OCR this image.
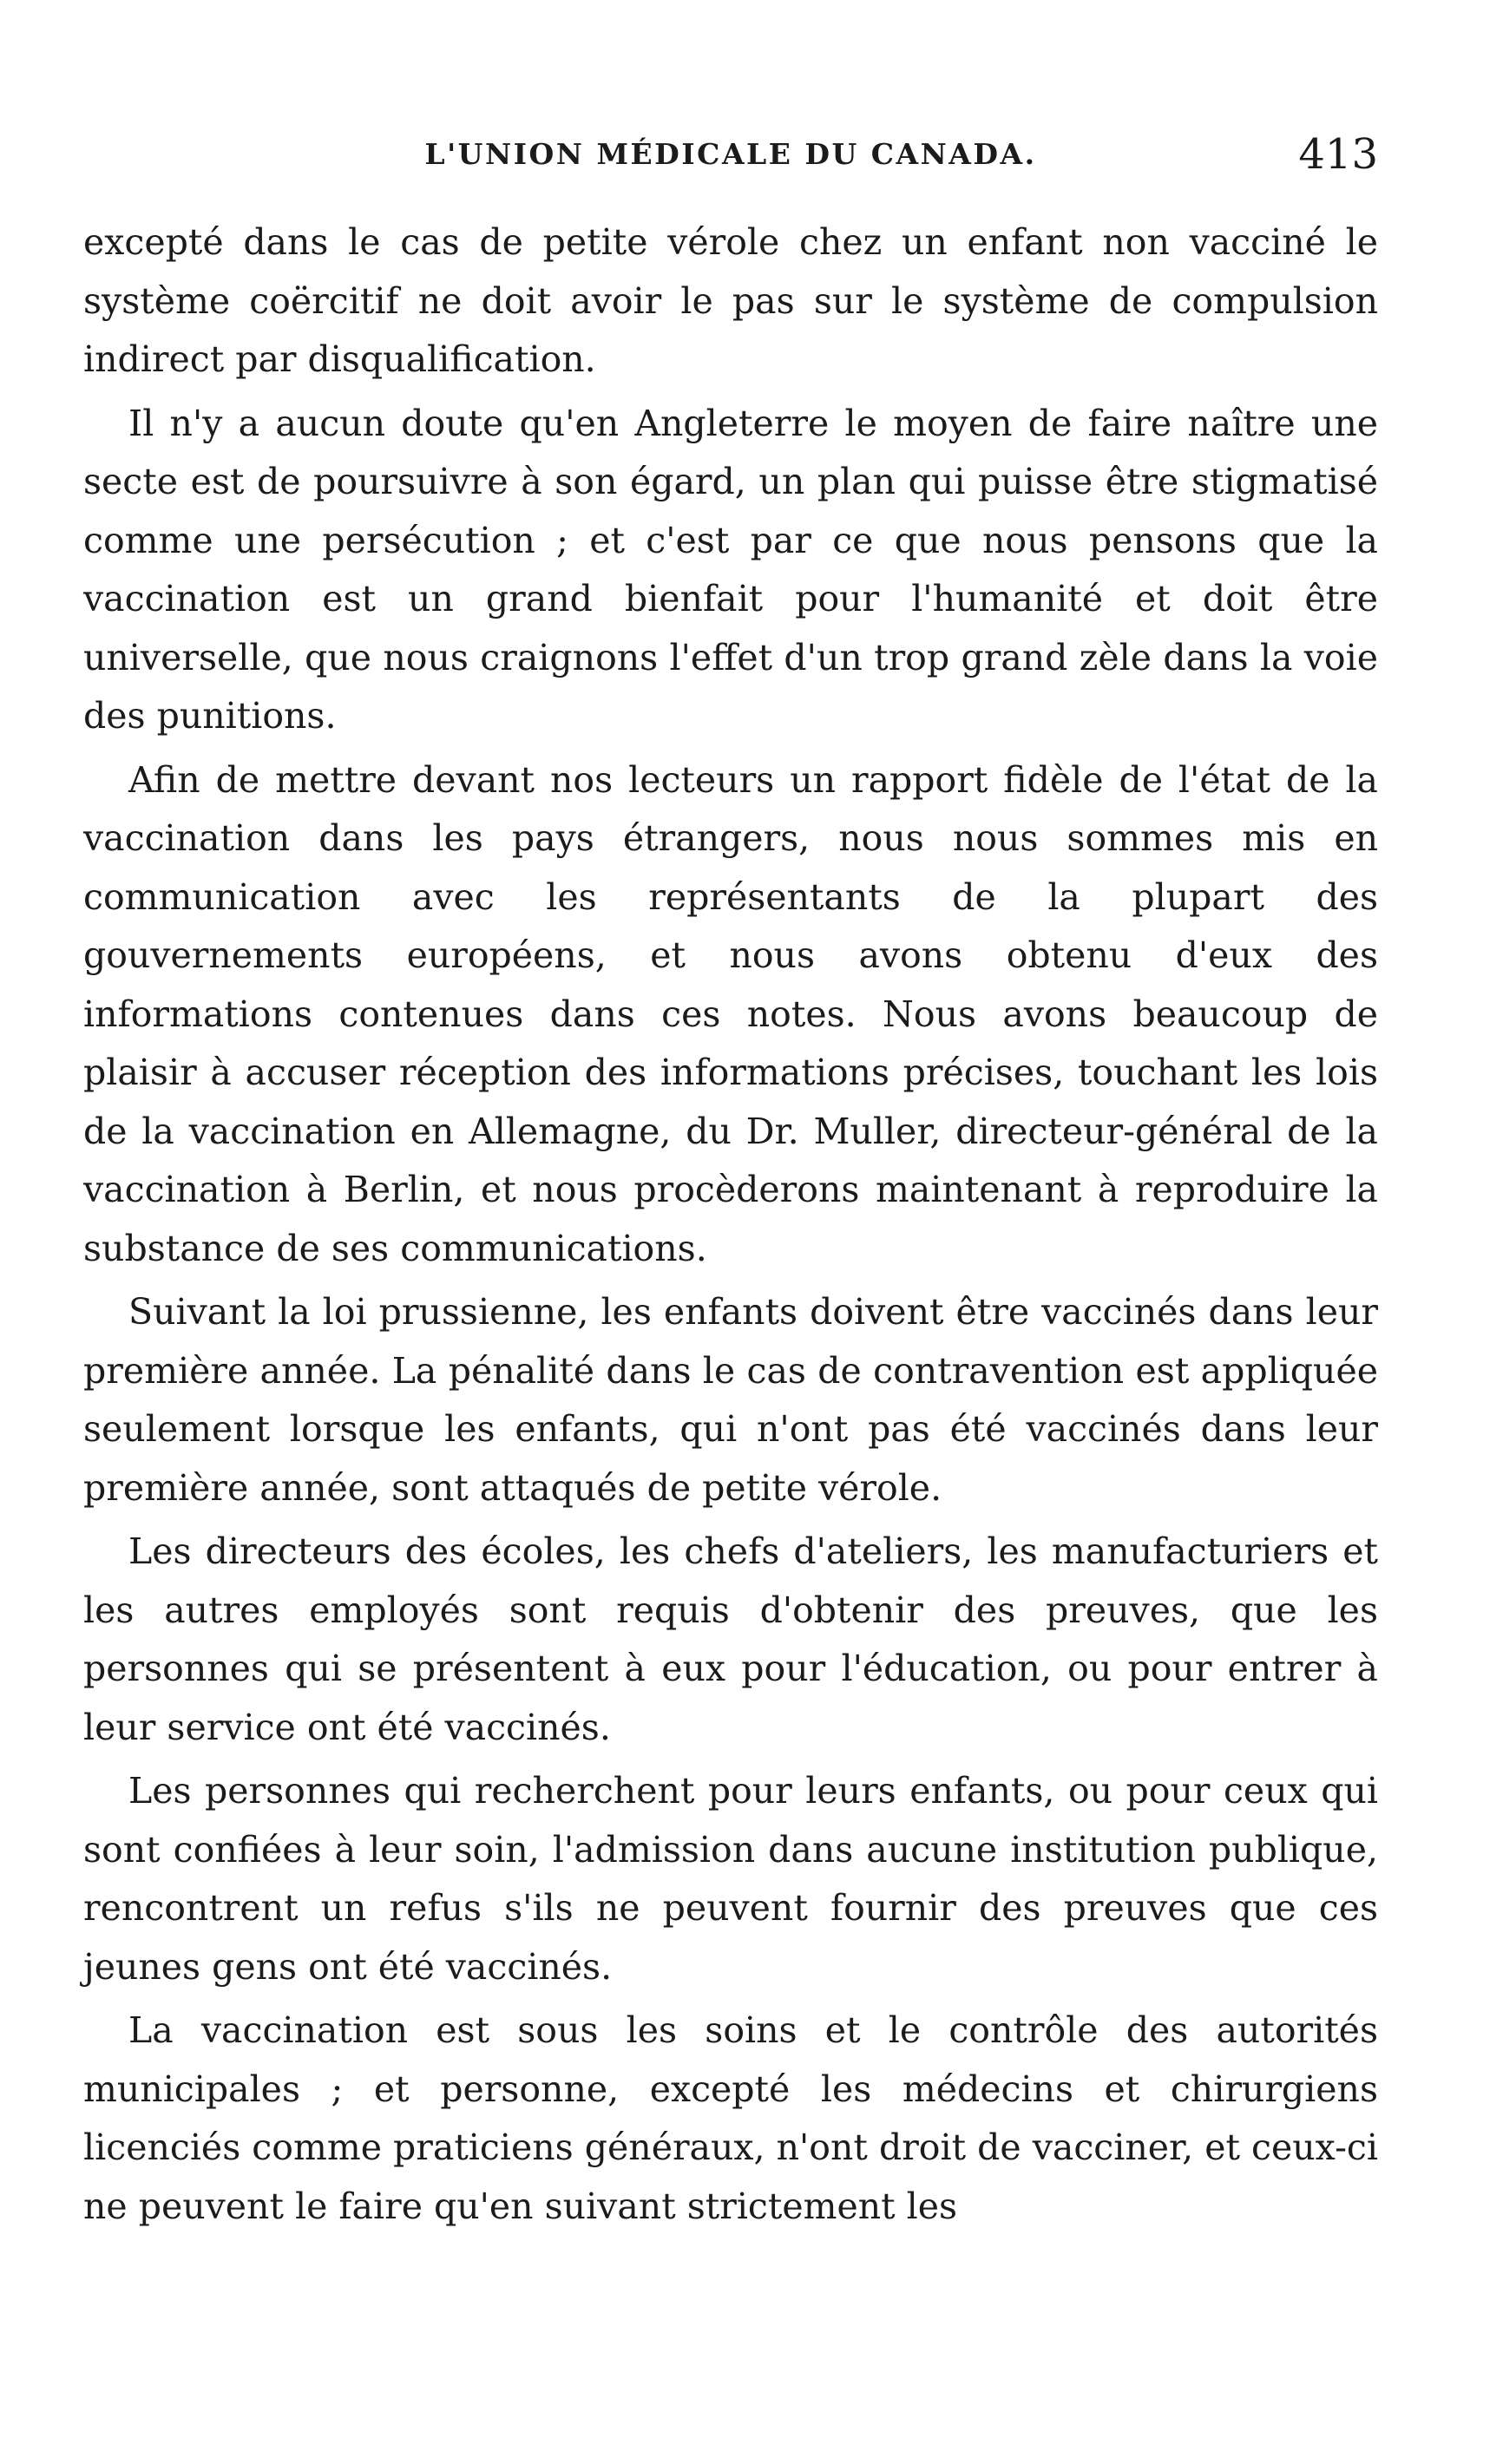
L'UNION MÉDICALE DU CANADA.	413

excepté dans le cas de petite vérole chez un enfant non vacciné le système coërcitif ne doit avoir le pas sur le système de compulsion indirect par disqualification.

Il n'y a aucun doute qu'en Angleterre le moyen de faire naître une secte est de poursuivre à son égard, un plan qui puisse être stigmatisé comme une persécution ; et c'est par ce que nous pensons que la vaccination est un grand bienfait pour l'humanité et doit être universelle, que nous craignons l'effet d'un trop grand zèle dans la voie des punitions.

Afin de mettre devant nos lecteurs un rapport fidèle de l'état de la vaccination dans les pays étrangers, nous nous sommes mis en communication avec les représentants de la plupart des gouvernements européens, et nous avons obtenu d'eux des informations contenues dans ces notes. Nous avons beaucoup de plaisir à accuser réception des informations précises, touchant les lois de la vaccination en Allemagne, du Dr. Muller, directeur-général de la vaccination à Berlin, et nous procèderons maintenant à reproduire la substance de ses communications.

Suivant la loi prussienne, les enfants doivent être vaccinés dans leur première année. La pénalité dans le cas de contravention est appliquée seulement lorsque les enfants, qui n'ont pas été vaccinés dans leur première année, sont attaqués de petite vérole.

Les directeurs des écoles, les chefs d'ateliers, les manufacturiers et les autres employés sont requis d'obtenir des preuves, que les personnes qui se présentent à eux pour l'éducation, ou pour entrer à leur service ont été vaccinés.

Les personnes qui recherchent pour leurs enfants, ou pour ceux qui sont confiées à leur soin, l'admission dans aucune institution publique, rencontrent un refus s'ils ne peuvent fournir des preuves que ces jeunes gens ont été vaccinés.

La vaccination est sous les soins et le contrôle des autorités municipales ; et personne, excepté les médecins et chirurgiens licenciés comme praticiens généraux, n'ont droit de vacciner, et ceux-ci ne peuvent le faire qu'en suivant strictement les
